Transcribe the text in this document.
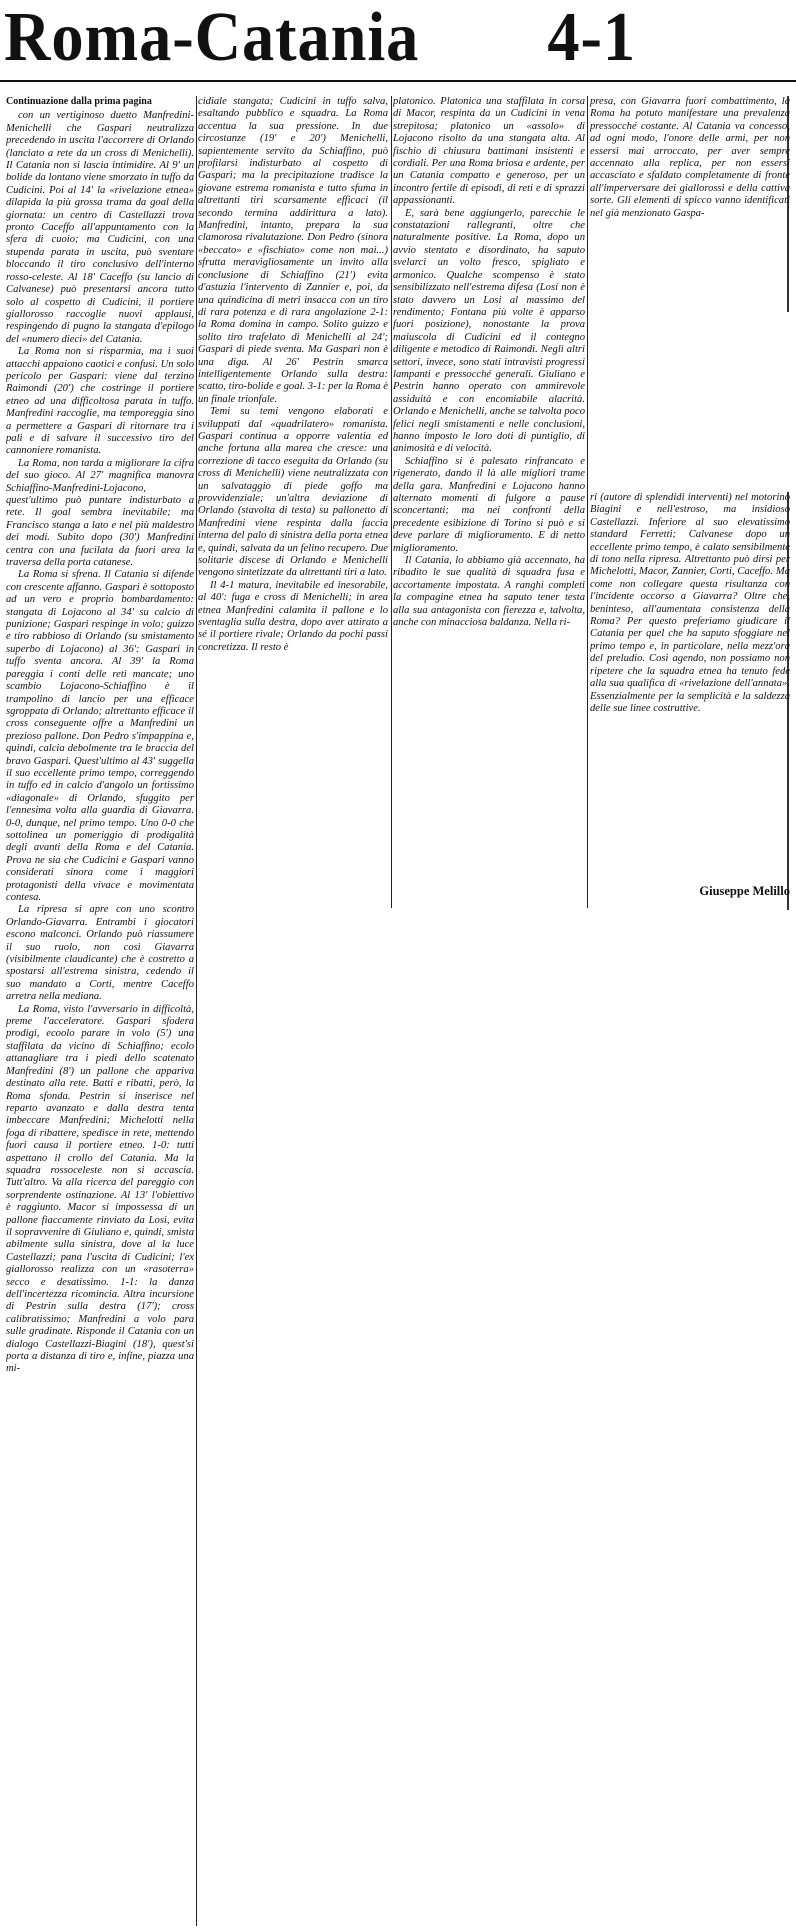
Roma-Catania	4-1

Continuazione dalla prima pagina

con un vertiginoso duetto Manfredini-Menichelli che Gaspari neutralizza precedendo in uscita l'accorrere di Orlando (lanciato a rete da un cross di Menichelli). Il Catania non si lascia intimidire. Al 9' un bolide da lontano viene smorzato in tuffo da Cudicini. Poi al 14' la «rivelazione etnea» dilapida la più grossa trama da goal della giornata: un centro di Castellazzi trova pronto Caceffo all'appuntamento con la sfera di cuoio; ma Cudicini, con una stupenda parata in uscita, può sventare bloccando il tiro conclusivo dell'interno rosso-celeste. Al 18' Caceffo (su lancio di Calvanese) può presentarsi ancora tutto solo al cospetto di Cudicini, il portiere giallorosso raccoglie nuovi applausi, respingendo di pugno la stangata d'epilogo del «numero dieci» del Catania.

La Roma non si risparmia, ma i suoi attacchi appaiono caotici e confusi. Un solo pericolo per Gaspari: viene dal terzino Raimondi (20') che costringe il portiere etneo ad una difficoltosa parata in tuffo. Manfredini raccoglie, ma temporeggia sino a permettere a Gaspari di ritornare tra i pali e di salvare il successivo tiro del cannoniere romanista.

La Roma, non tarda a migliorare la cifra del suo gioco. Al 27' magnifica manovra Schiaffino-Manfredini-Lojacono, quest'ultimo può puntare indisturbato a rete. Il goal sembra inevitabile; ma Francisco stanga a lato e nel più maldestro dei modi. Subito dopo (30') Manfredini centra con una fucilata da fuori area la traversa della porta catanese.

La Roma si sfrena. Il Catania si difende con crescente affanno. Gaspari è sottoposto ad un vero e proprio bombardamento: stangata di Lojacono al 34' su calcio di punizione; Gaspari respinge in volo; guizzo e tiro rabbioso di Orlando (su smistamento superbo di Lojacono) al 36': Gaspari in tuffo sventa ancora. Al 39' la Roma pareggia i conti delle reti mancate; uno scambio Lojacono-Schiaffino è il trampolino di lancio per una efficace sgroppata di Orlando; altrettanto efficace il cross conseguente offre a Manfredini un prezioso pallone. Don Pedro s'impappina e, quindi, calcia debolmente tra le braccia del bravo Gaspari. Quest'ultimo al 43' suggella il suo eccellente primo tempo, correggendo in tuffo ed in calcio d'angolo un fortissimo «diagonale» di Orlando, sfuggito per l'ennesima volta alla guardia di Giavarra. 0-0, dunque, nel primo tempo. Uno 0-0 che sottolinea un pomeriggio di prodigalità degli avanti della Roma e del Catania. Prova ne sia che Cudicini e Gaspari vanno considerati sinora come i maggiori protagonisti della vivace e movimentata contesa.

La ripresa si apre con uno scontro Orlando-Giavarra. Entrambi i giocatori escono malconci. Orlando può riassumere il suo ruolo, non così Giavarra (visibilmente claudicante) che è costretto a spostarsi all'estrema sinistra, cedendo il suo mandato a Corti, mentre Caceffo arretra nella mediana.

La Roma, visto l'avversario in difficoltà, preme l'acceleratore. Gaspari sfodera prodigi, ecoolo parare in volo (5') una staffilata da vicino di Schiaffino; ecolo attanagliare tra i piedi dello scatenato Manfredini (8') un pallone che appariva destinato alla rete. Batti e ribatti, però, la Roma sfonda. Pestrin si inserisce nel reparto avanzato e dalla destra tenta imbeccare Manfredini; Michelotti nella foga di ribattere, spedisce in rete, mettendo fuori causa il portiere etneo. 1-0: tutti aspettano il crollo del Catania. Ma la squadra rossoceleste non si accascia. Tutt'altro. Va alla ricerca del pareggio con sorprendente ostinazione. Al 13' l'obiettivo è raggiunto. Macor si impossessa di un pallone fiaccamente rinviato da Losi, evita il sopravvenire di Giuliano e, quindi, smista abilmente sulla sinistra, dove al la luce Castellazzi; pana l'uscita di Cudicini; l'ex giallorosso realizza con un «rasoterra» secco e desatissimo. 1-1: la danza dell'incertezza ricomincia. Altra incursione di Pestrin sulla destra (17'); cross calibratissimo; Manfredini a volo para sulle gradinate. Risponde il Catania con un dialogo Castellazzi-Biagini (18'), quest'si porta a distanza di tiro e, infine, piazza una mi-

cidiale stangata; Cudicini in tuffo salva, esaltando pubblico e squadra. La Roma accentua la sua pressione. In due circostanze (19' e 20') Menichelli, sapientemente servito da Schiaffino, può profilarsi indisturbato al cospetto di Gaspari; ma la precipitazione tradisce la giovane estrema romanista e tutto sfuma in altrettanti tiri scarsamente efficaci (il secondo termina addirittura a lato). Manfredini, intanto, prepara la sua clamorosa rivalutazione. Don Pedro (sinora «beccato» e «fischiato» come non mai...) sfrutta meravigliosamente un invito alla conclusione di Schiaffino (21') evita d'astuzia l'intervento di Zannier e, poi, da una quindicina di metri insacca con un tiro di rara potenza e di rara angolazione 2-1: la Roma domina in campo. Solito guizzo e solito tiro trafelato di Menichelli al 24'; Gaspari di piede sventa. Ma Gaspari non è una diga. Al 26' Pestrin smarca intelligentemente Orlando sulla destra: scatto, tiro-bolide e goal. 3-1: per la Roma è un finale trionfale.

Temi su temi vengono elaborati e sviluppati dal «quadrilatero» romanista. Gaspari continua a opporre valentia ed anche fortuna alla marea che cresce: una correzione di tacco eseguita da Orlando (su cross di Menichelli) viene neutralizzata con un salvataggio di piede goffo ma provvidenziale; un'altra deviazione di Orlando (stavolta di testa) su pallonetto di Manfredini viene respinta dalla faccia interna del palo di sinistra della porta etnea e, quindi, salvata da un felino recupero. Due solitarie discese di Orlando e Menichelli vengono sintetizzate da altrettanti tiri a lato.

Il 4-1 matura, inevitabile ed inesorabile, al 40': fuga e cross di Menichelli; in area etnea Manfredini calamita il pallone e lo sventaglia sulla destra, dopo aver attirato a sé il portiere rivale; Orlando da pochi passi concretizza. Il resto è

platonico. Platonica una staffilata in corsa di Macor, respinta da un Cudicini in vena strepitosa; platonico un «assolo» di Lojacono risolto da una stangata alta. Al fischio di chiusura battimani insistenti e cordiali. Per una Roma briosa e ardente, per un Catania compatto e generoso, per un incontro fertile di episodi, di reti e di sprazzi appassionanti.

E, sarà bene aggiungerlo, parecchie le constatazioni rallegranti, oltre che naturalmente positive. La Roma, dopo un avvio stentato e disordinato, ha saputo svelarci un volto fresco, spigliato e armonico. Qualche scompenso è stato sensibilizzato nell'estrema difesa (Losi non è stato davvero un Losi al massimo del rendimento; Fontana più volte è apparso fuori posizione), nonostante la prova maiuscola di Cudicini ed il contegno diligente e metodico di Raimondi. Negli altri settori, invece, sono stati intravisti progressi lampanti e pressocché generali. Giuliano e Pestrin hanno operato con ammirevole assiduità e con encomiabile alacrità. Orlando e Menichelli, anche se talvolta poco felici negli smistamenti e nelle conclusioni, hanno imposto le loro doti di puntiglio, di animosità e di velocità.

Schiaffino si è palesato rinfrancato e rigenerato, dando il là alle migliori trame della gara. Manfredini e Lojacono hanno alternato momenti di fulgore a pause sconcertanti; ma nei confronti della precedente esibizione di Torino si può e si deve parlare di miglioramento. E di netto miglioramento.

Il Catania, lo abbiamo già accennato, ha ribadito le sue qualità di squadra fusa e accortamente impostata. A ranghi completi la compagine etnea ha saputo tener testa alla sua antagonista con fierezza e, talvolta, anche con minacciosa baldanza. Nella ri-

presa, con Giavarra fuori combattimento, la Roma ha potuto manifestare una prevalenza pressocché costante. Al Catania va concesso, ad ogni modo, l'onore delle armi, per non essersi mai arroccato, per aver sempre accennato alla replica, per non essersi accasciato e sfaldato completamente di fronte all'imperversare dei giallorossi e della cattiva sorte. Gli elementi di spicco vanno identificati nel già menzionato Gaspa-

ri (autore di splendidi interventi) nel motorino Biagini e nell'estroso, ma insidioso Castellazzi. Inferiore al suo elevatissimo standard Ferretti; Calvanese dopo un eccellente primo tempo, è calato sensibilmente di tono nella ripresa. Altrettanto può dirsi per Michelotti, Macor, Zannier, Corti, Caceffo. Ma come non collegare questa risultanza con l'incidente occorso a Giavarra? Oltre che, beninteso, all'aumentata consistenza della Roma? Per questo preferiamo giudicare il Catania per quel che ha saputo sfoggiare nel primo tempo e, in particolare, nella mezz'ora del preludio. Così agendo, non possiamo non ripetere che la squadra etnea ha tenuto fede alla sua qualifica di «rivelazione dell'annata». Essenzialmente per la semplicità e la saldezza delle sue linee costruttive.

Giuseppe Melillo
